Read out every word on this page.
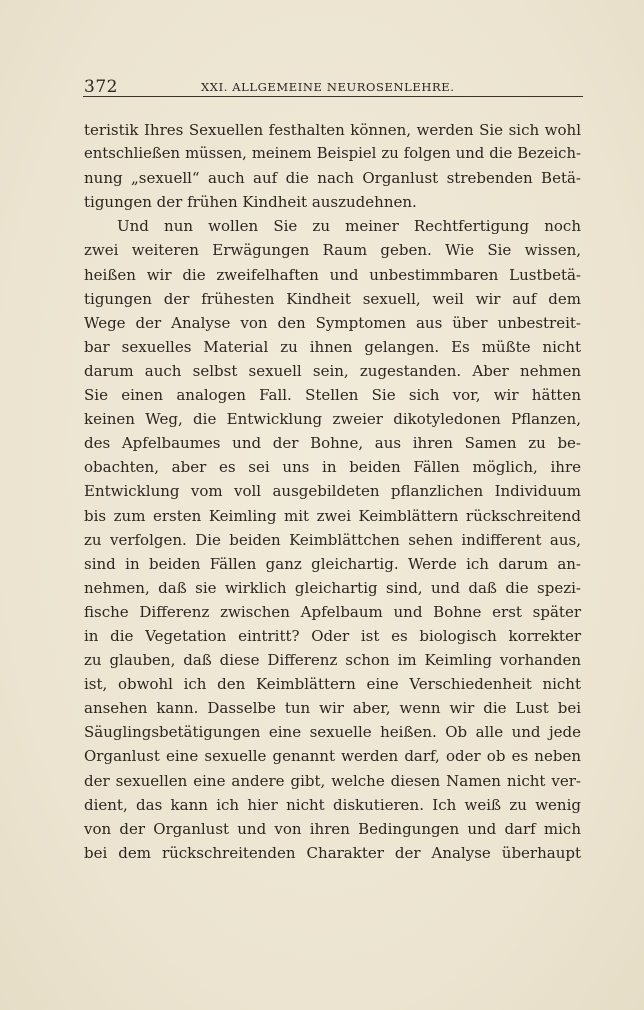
372	XXI. ALLGEMEINE NEUROSENLEHRE.
teristik Ihres Sexuellen festhalten können, werden Sie sich wohl
entschließen müssen, meinem Beispiel zu folgen und die Bezeich-
nung „sexuell“ auch auf die nach Organlust strebenden Betä-
tigungen der frühen Kindheit auszudehnen.
Und nun wollen Sie zu meiner Rechtfertigung noch
zwei weiteren Erwägungen Raum geben. Wie Sie wissen,
heißen wir die zweifelhaften und unbestimmbaren Lustbetä-
tigungen der frühesten Kindheit sexuell, weil wir auf dem
Wege der Analyse von den Symptomen aus über unbestreit-
bar sexuelles Material zu ihnen gelangen. Es müßte nicht
darum auch selbst sexuell sein, zugestanden. Aber nehmen
Sie einen analogen Fall. Stellen Sie sich vor, wir hätten
keinen Weg, die Entwicklung zweier dikotyledonen Pflanzen,
des Apfelbaumes und der Bohne, aus ihren Samen zu be-
obachten, aber es sei uns in beiden Fällen möglich, ihre
Entwicklung vom voll ausgebildeten pflanzlichen Individuum
bis zum ersten Keimling mit zwei Keimblättern rückschreitend
zu verfolgen. Die beiden Keimblättchen sehen indifferent aus,
sind in beiden Fällen ganz gleichartig. Werde ich darum an-
nehmen, daß sie wirklich gleichartig sind, und daß die spezi-
fische Differenz zwischen Apfelbaum und Bohne erst später
in die Vegetation eintritt? Oder ist es biologisch korrekter
zu glauben, daß diese Differenz schon im Keimling vorhanden
ist, obwohl ich den Keimblättern eine Verschiedenheit nicht
ansehen kann. Dasselbe tun wir aber, wenn wir die Lust bei
Säuglingsbetätigungen eine sexuelle heißen. Ob alle und jede
Organlust eine sexuelle genannt werden darf, oder ob es neben
der sexuellen eine andere gibt, welche diesen Namen nicht ver-
dient, das kann ich hier nicht diskutieren. Ich weiß zu wenig
von der Organlust und von ihren Bedingungen und darf mich
bei dem rückschreitenden Charakter der Analyse überhaupt
